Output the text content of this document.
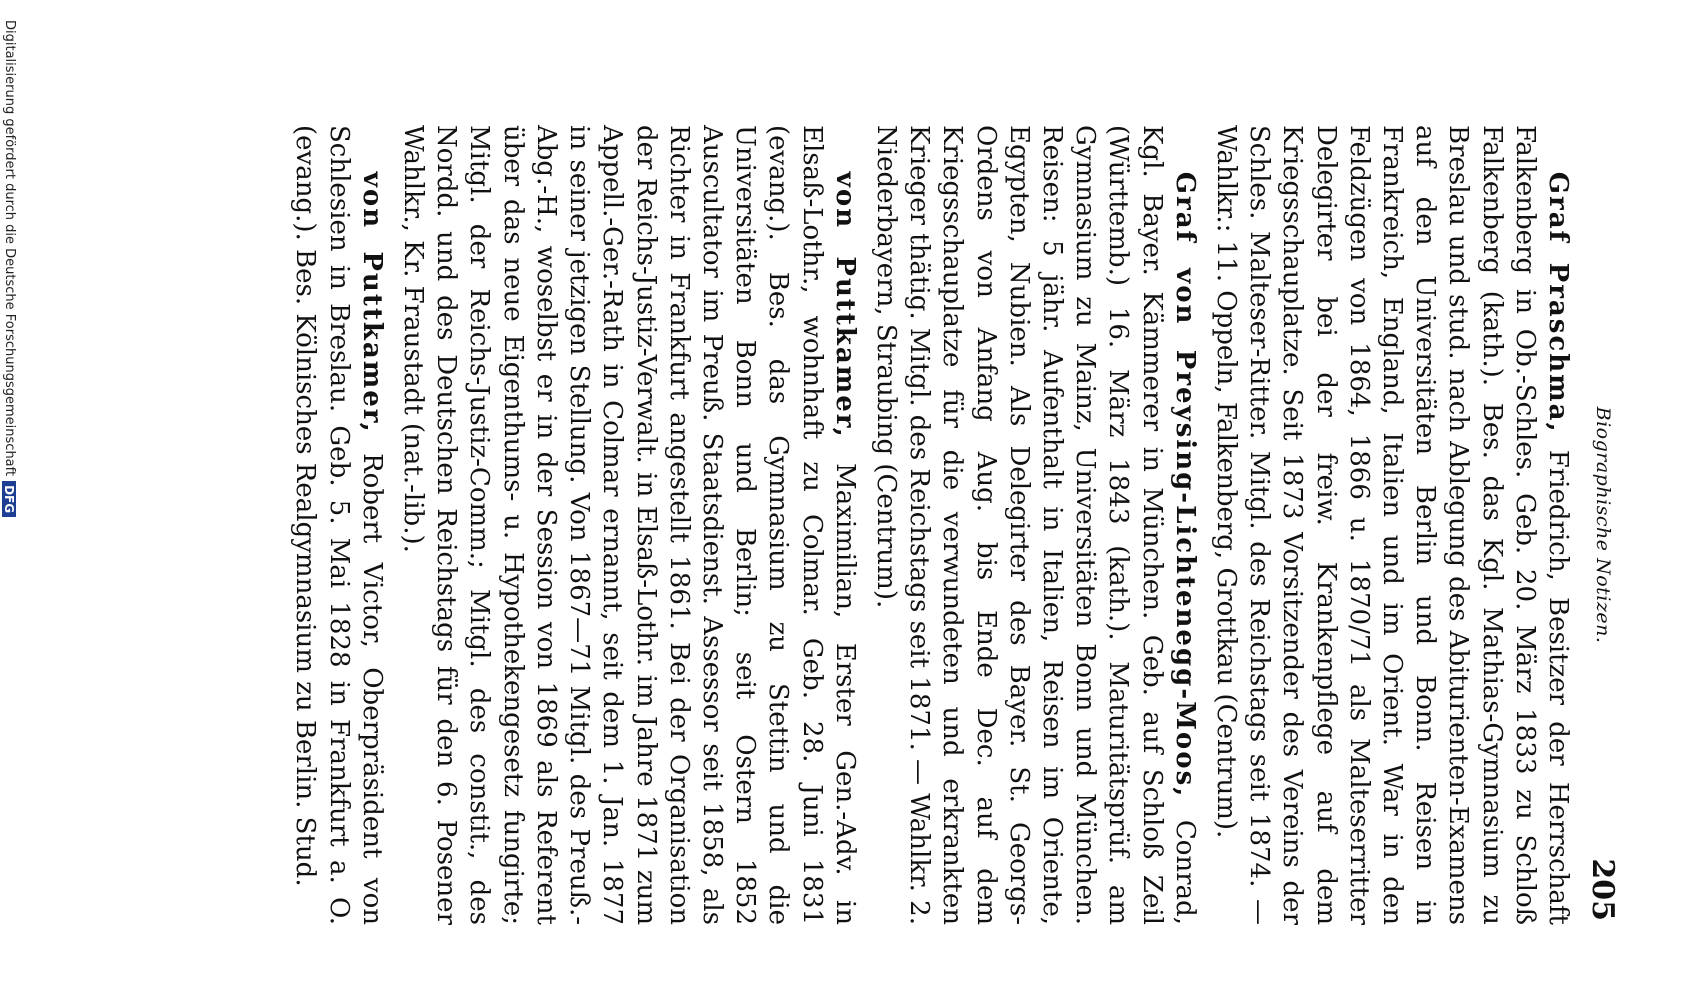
Biographische Notizen.
205

Graf Praschma, Friedrich, Besitzer der Herrschaft Falkenberg in Ob.-Schles. Geb. 20. März 1833 zu Schloß Falkenberg (kath.). Bes. das Kgl. Mathias-Gymnasium zu Breslau und stud. nach Ablegung des Abiturienten-Examens auf den Universitäten Berlin und Bonn. Reisen in Frankreich, England, Italien und im Orient. War in den Feldzügen von 1864, 1866 u. 1870/71 als Malteserritter Delegirter bei der freiw. Krankenpflege auf dem Kriegsschauplatze. Seit 1873 Vorsitzender des Vereins der Schles. Malteser-Ritter. Mitgl. des Reichstags seit 1874. — Wahlkr.: 11. Oppeln, Falkenberg, Grottkau (Centrum).

Graf von Preysing-Lichtenegg-Moos, Conrad, Kgl. Bayer. Kämmerer in München. Geb. auf Schloß Zeil (Württemb.) 16. März 1843 (kath.). Maturitätsprüf. am Gymnasium zu Mainz, Universitäten Bonn und München. Reisen: 5 jähr. Aufenthalt in Italien, Reisen im Oriente, Egypten, Nubien. Als Delegirter des Bayer. St. Georgs-Ordens von Anfang Aug. bis Ende Dec. auf dem Kriegsschauplatze für die verwundeten und erkrankten Krieger thätig. Mitgl. des Reichstags seit 1871. — Wahlkr. 2. Niederbayern, Straubing (Centrum).

von Puttkamer, Maximilian, Erster Gen.-Adv. in Elsaß-Lothr., wohnhaft zu Colmar. Geb. 28. Juni 1831 (evang.). Bes. das Gymnasium zu Stettin und die Universitäten Bonn und Berlin; seit Ostern 1852 Auscultator im Preuß. Staatsdienst. Assessor seit 1858, als Richter in Frankfurt angestellt 1861. Bei der Organisation der Reichs-Justiz-Verwalt. in Elsaß-Lothr. im Jahre 1871 zum Appell.-Ger.-Rath in Colmar ernannt, seit dem 1. Jan. 1877 in seiner jetzigen Stellung. Von 1867—71 Mitgl. des Preuß.-Abg.-H., woselbst er in der Session von 1869 als Referent über das neue Eigenthums- u. Hypothekengesetz fungirte; Mitgl. der Reichs-Justiz-Comm.; Mitgl. des constit., des Nordd. und des Deutschen Reichstags für den 6. Posener Wahlkr., Kr. Fraustadt (nat.-lib.).

von Puttkamer, Robert Victor, Oberpräsident von Schlesien in Breslau. Geb. 5. Mai 1828 in Frankfurt a. O. (evang.). Bes. Kölnisches Realgymnasium zu Berlin. Stud.

Digitalisierung gefördert durch die Deutsche ForschungsgemeinschaftDFG
